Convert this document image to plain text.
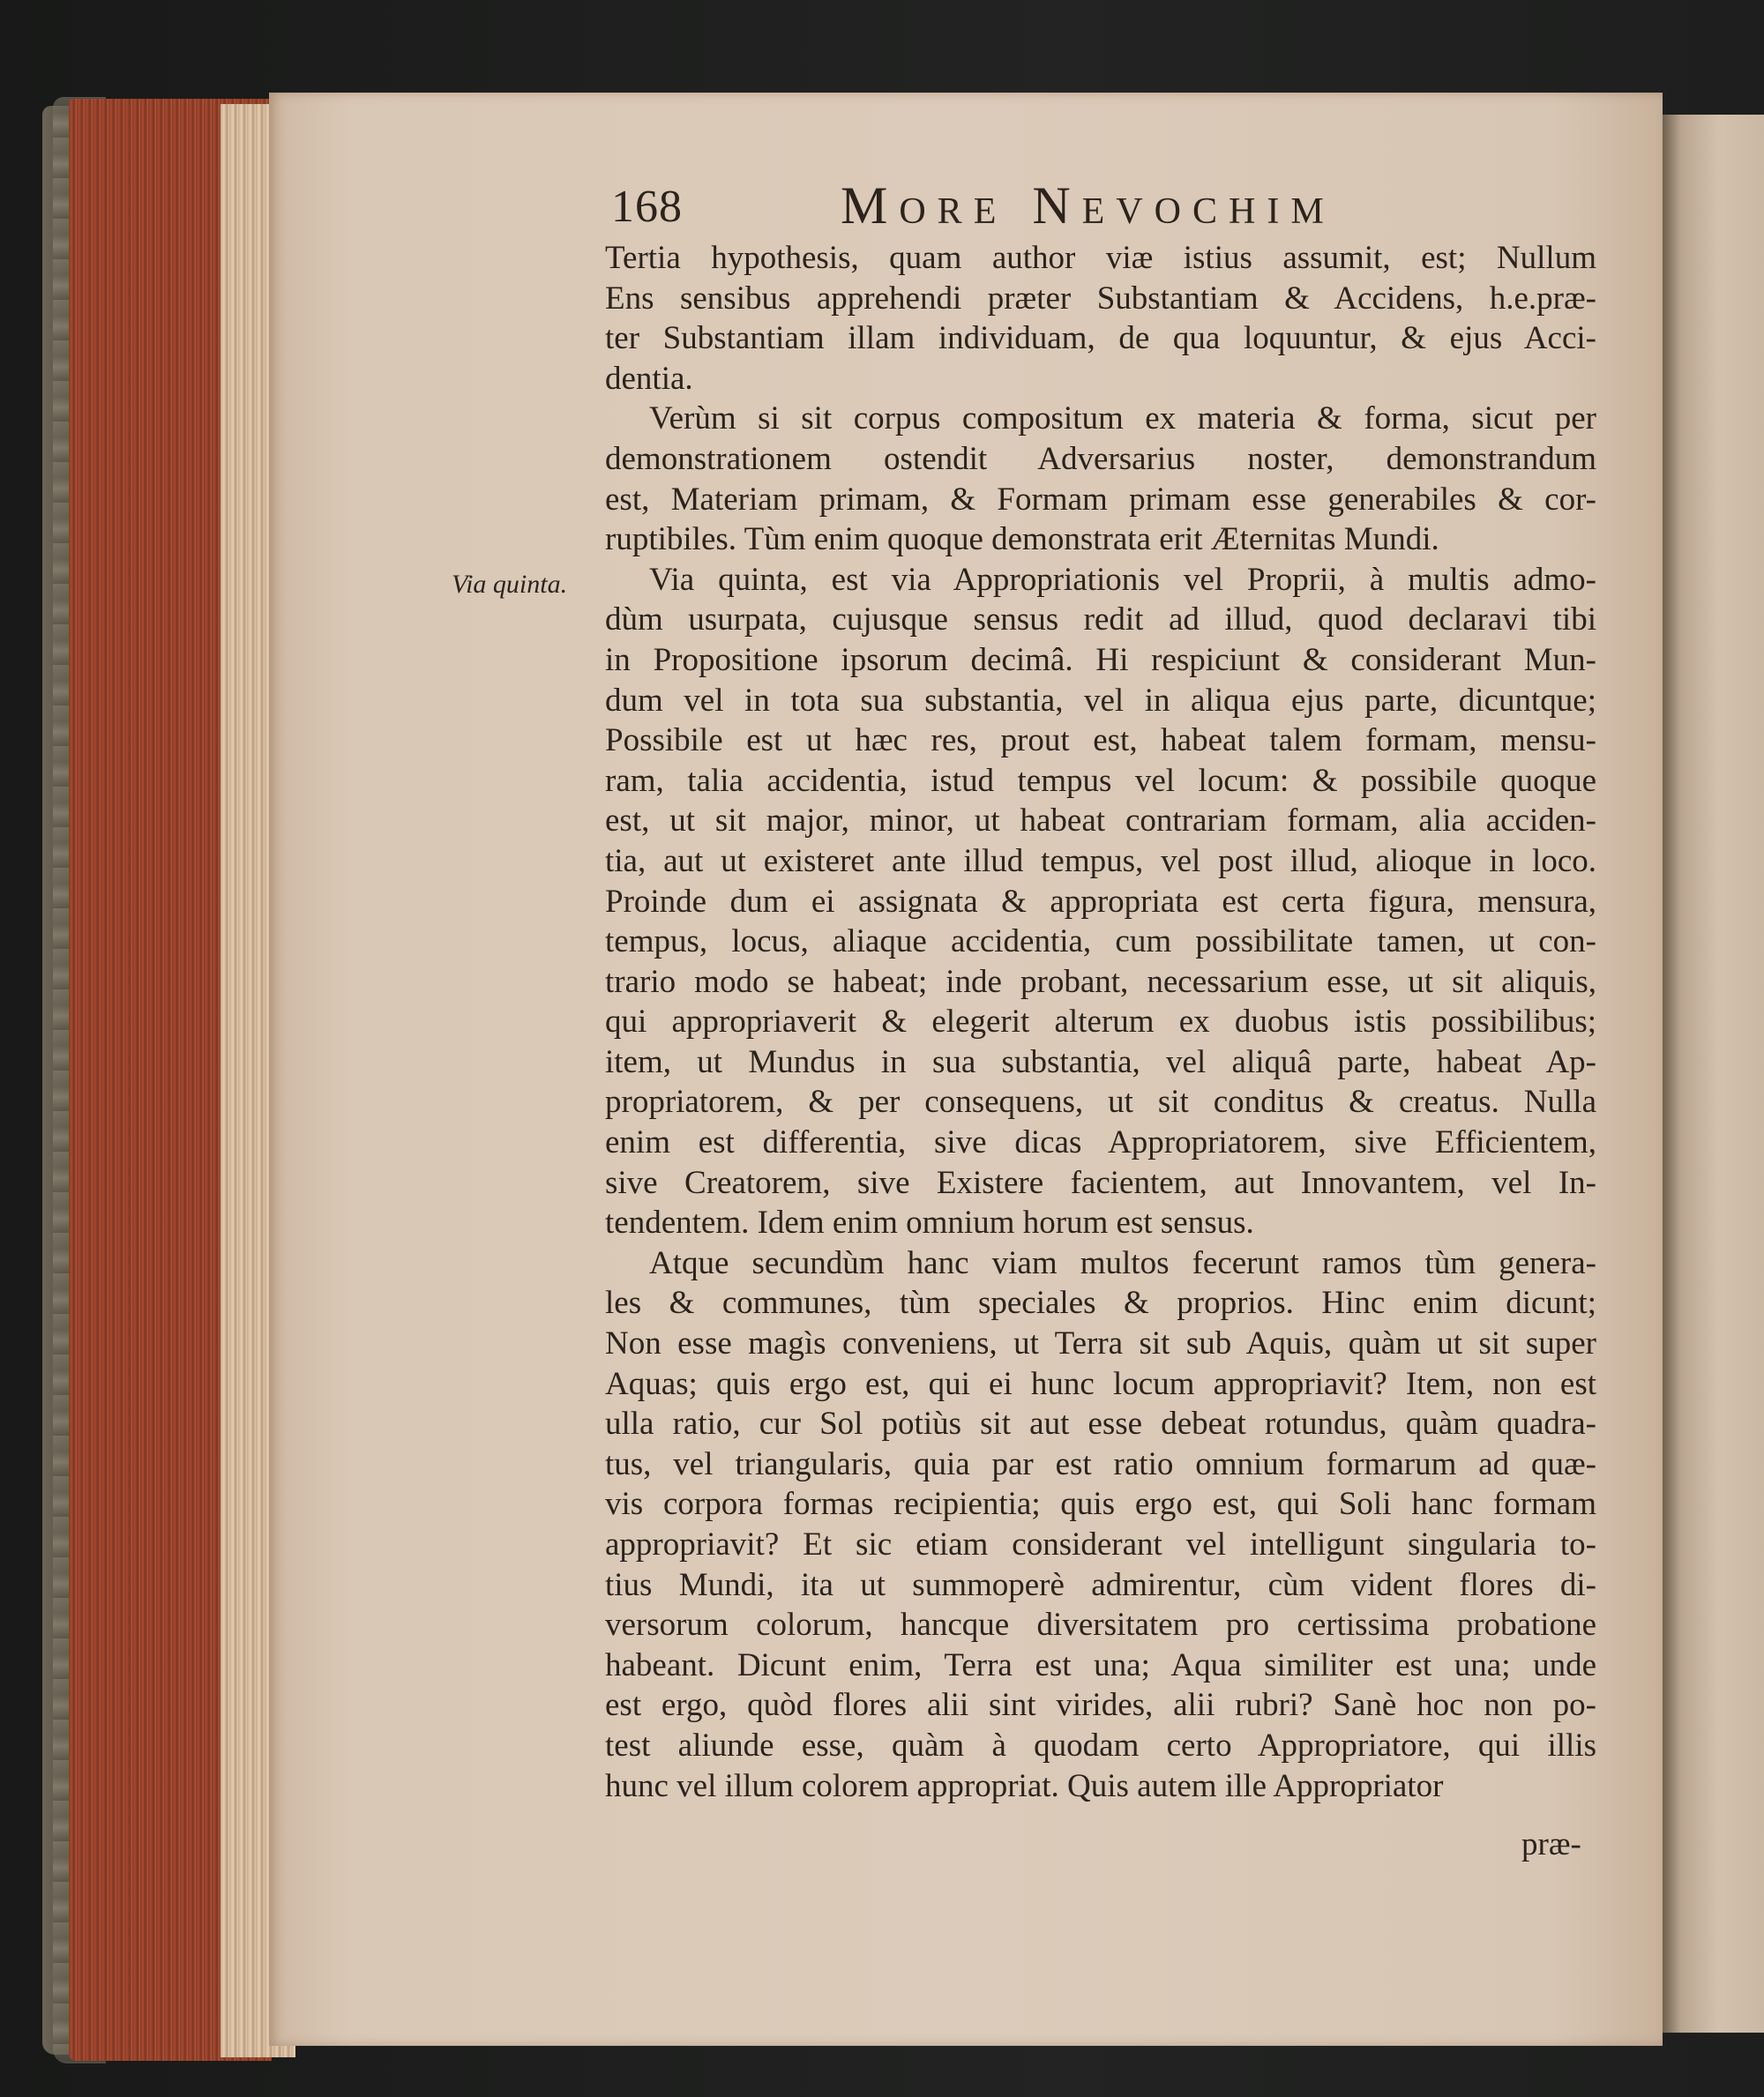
168	More Nevochim
Via quinta.
Tertia hypothesis, quam author viæ istius assumit, est; Nullum
Ens sensibus apprehendi præter Substantiam & Accidens, h.e.præ-
ter Substantiam illam individuam, de qua loquuntur, & ejus Acci-
dentia.
Verùm si sit corpus compositum ex materia & forma, sicut per
demonstrationem ostendit Adversarius noster, demonstrandum
est, Materiam primam, & Formam primam esse generabiles & cor-
ruptibiles. Tùm enim quoque demonstrata erit Æternitas Mundi.
Via quinta, est via Appropriationis vel Proprii, à multis admo-
dùm usurpata, cujusque sensus redit ad illud, quod declaravi tibi
in Propositione ipsorum decimâ. Hi respiciunt & considerant Mun-
dum vel in tota sua substantia, vel in aliqua ejus parte, dicuntque;
Possibile est ut hæc res, prout est, habeat talem formam, mensu-
ram, talia accidentia, istud tempus vel locum: & possibile quoque
est, ut sit major, minor, ut habeat contrariam formam, alia acciden-
tia, aut ut existeret ante illud tempus, vel post illud, alioque in loco.
Proinde dum ei assignata & appropriata est certa figura, mensura,
tempus, locus, aliaque accidentia, cum possibilitate tamen, ut con-
trario modo se habeat; inde probant, necessarium esse, ut sit aliquis,
qui appropriaverit & elegerit alterum ex duobus istis possibilibus;
item, ut Mundus in sua substantia, vel aliquâ parte, habeat Ap-
propriatorem, & per consequens, ut sit conditus & creatus. Nulla
enim est differentia, sive dicas Appropriatorem, sive Efficientem,
sive Creatorem, sive Existere facientem, aut Innovantem, vel In-
tendentem. Idem enim omnium horum est sensus.
Atque secundùm hanc viam multos fecerunt ramos tùm genera-
les & communes, tùm speciales & proprios. Hinc enim dicunt;
Non esse magìs conveniens, ut Terra sit sub Aquis, quàm ut sit super
Aquas; quis ergo est, qui ei hunc locum appropriavit? Item, non est
ulla ratio, cur Sol potiùs sit aut esse debeat rotundus, quàm quadra-
tus, vel triangularis, quia par est ratio omnium formarum ad quæ-
vis corpora formas recipientia; quis ergo est, qui Soli hanc formam
appropriavit? Et sic etiam considerant vel intelligunt singularia to-
tius Mundi, ita ut summoperè admirentur, cùm vident flores di-
versorum colorum, hancque diversitatem pro certissima probatione
habeant. Dicunt enim, Terra est una; Aqua similiter est una; unde
est ergo, quòd flores alii sint virides, alii rubri? Sanè hoc non po-
test aliunde esse, quàm à quodam certo Appropriatore, qui illis
hunc vel illum colorem appropriat. Quis autem ille Appropriator
præ-
